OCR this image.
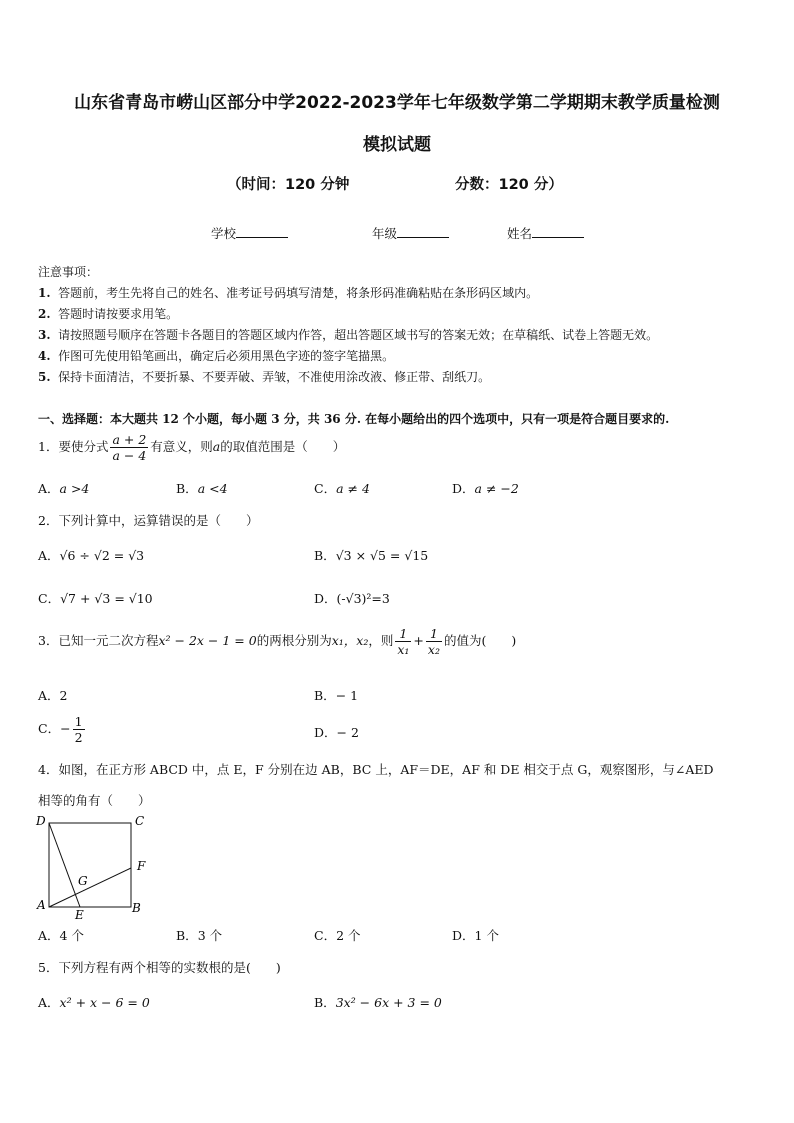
山东省青岛市崂山区部分中学2022-2023学年七年级数学第二学期期末教学质量检测
模拟试题
（时间：120 分钟	分数：120 分）
学校	年级	姓名
注意事项：
1. 答题前，考生先将自己的姓名、准考证号码填写清楚，将条形码准确粘贴在条形码区域内。
2. 答题时请按要求用笔。
3. 请按照题号顺序在答题卡各题目的答题区域内作答，超出答题区域书写的答案无效；在草稿纸、试卷上答题无效。
4. 作图可先使用铅笔画出，确定后必须用黑色字迹的签字笔描黑。
5. 保持卡面清洁，不要折暴、不要弄破、弄皱，不准使用涂改液、修正带、刮纸刀。
一、选择题：本大题共 12 个小题，每小题 3 分，共 36 分. 在每小题给出的四个选项中，只有一项是符合题目要求的.
1．要使分式 $\frac{a + 2}{a - 4}$ 有意义，则a的取值范围是（　　）
A．a >4	B．a <4	C．a ≠ 4	D．a ≠ −2
2．下列计算中，运算错误的是（　　）
A．√6 ÷ √2 = √3	B．√3 × √5 = √15
C．√7 + √3 = √10	D．(-√3)²=3
3．已知一元二次方程x² − 2x − 1 = 0的两根分别为x₁，x₂，则 $\frac{1}{\text{x₁}} + \frac{1}{\text{x₂}}$ 的值为(　　)
A．2	B．− 1
C．− $\frac{1}{2}$	D．− 2
4．如图，在正方形 ABCD 中，点 E，F 分别在边 AB，BC 上，AF＝DE，AF 和 DE 相交于点 G，观察图形，与∠AED
相等的角有（　　）
D	C
F
G
A
E	B
A．4 个	B．3 个	C．2 个	D．1 个
5．下列方程有两个相等的实数根的是(　　)
A．x² + x − 6 = 0	B．3x² − 6x + 3 = 0
